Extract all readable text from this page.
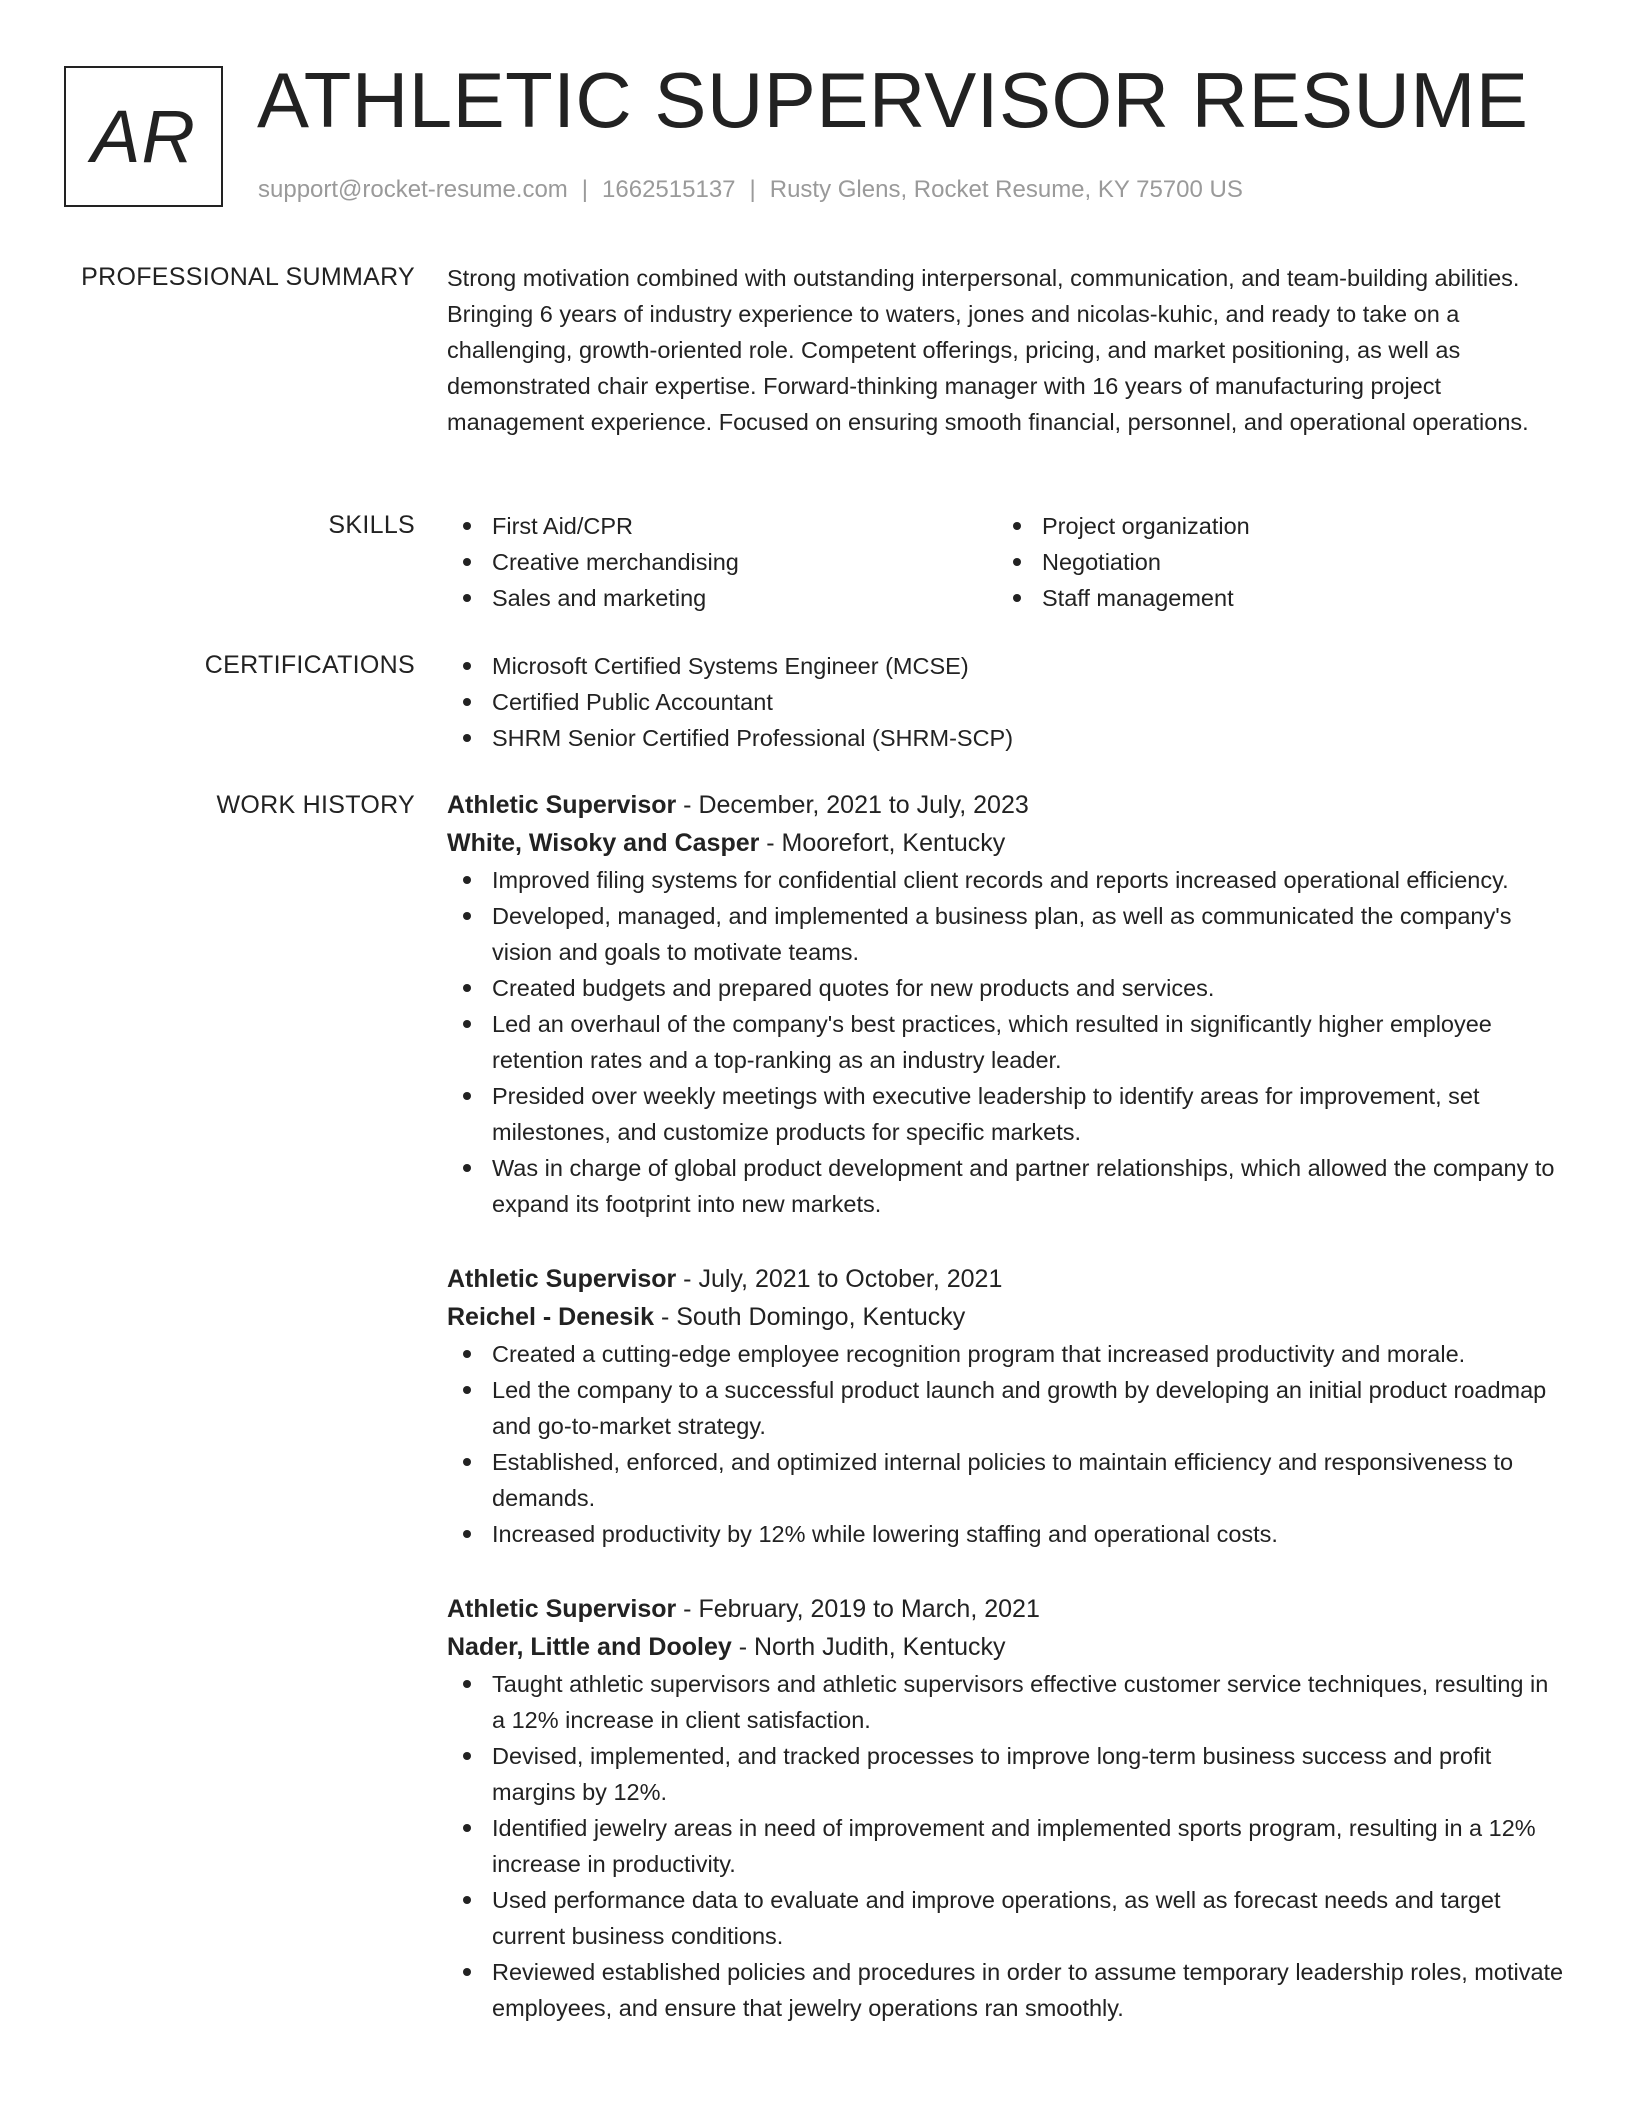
AR ATHLETIC SUPERVISOR RESUME
support@rocket-resume.com | 1662515137 | Rusty Glens, Rocket Resume, KY 75700 US
PROFESSIONAL SUMMARY Strong motivation combined with outstanding interpersonal, communication, and team-building abilities. Bringing 6 years of industry experience to waters, jones and nicolas-kuhic, and ready to take on a challenging, growth-oriented role. Competent offerings, pricing, and market positioning, as well as demonstrated chair expertise. Forward-thinking manager with 16 years of manufacturing project management experience. Focused on ensuring smooth financial, personnel, and operational operations.

SKILLS	First Aid/CPR
Creative merchandising
Sales and marketing
Project organization
Negotiation
Staff management
CERTIFICATIONS	Microsoft Certified Systems Engineer (MCSE)
Certified Public Accountant
SHRM Senior Certified Professional (SHRM-SCP)
WORK HISTORY Athletic Supervisor - December, 2021 to July, 2023
White, Wisoky and Casper - Moorefort, Kentucky
Improved filing systems for confidential client records and reports increased operational efficiency.
Developed, managed, and implemented a business plan, as well as communicated the company's vision and goals to motivate teams.
Created budgets and prepared quotes for new products and services.
Led an overhaul of the company's best practices, which resulted in significantly higher employee retention rates and a top-ranking as an industry leader.
Presided over weekly meetings with executive leadership to identify areas for improvement, set milestones, and customize products for specific markets.
Was in charge of global product development and partner relationships, which allowed the company to expand its footprint into new markets.
Athletic Supervisor - July, 2021 to October, 2021
Reichel - Denesik - South Domingo, Kentucky
Created a cutting-edge employee recognition program that increased productivity and morale.
Led the company to a successful product launch and growth by developing an initial product roadmap and go-to-market strategy.
Established, enforced, and optimized internal policies to maintain efficiency and responsiveness to demands.
Increased productivity by 12% while lowering staffing and operational costs.
Athletic Supervisor - February, 2019 to March, 2021
Nader, Little and Dooley - North Judith, Kentucky
Taught athletic supervisors and athletic supervisors effective customer service techniques, resulting in a 12% increase in client satisfaction.
Devised, implemented, and tracked processes to improve long-term business success and profit margins by 12%.
Identified jewelry areas in need of improvement and implemented sports program, resulting in a 12% increase in productivity.
Used performance data to evaluate and improve operations, as well as forecast needs and target current business conditions.
Reviewed established policies and procedures in order to assume temporary leadership roles, motivate employees, and ensure that jewelry operations ran smoothly.
